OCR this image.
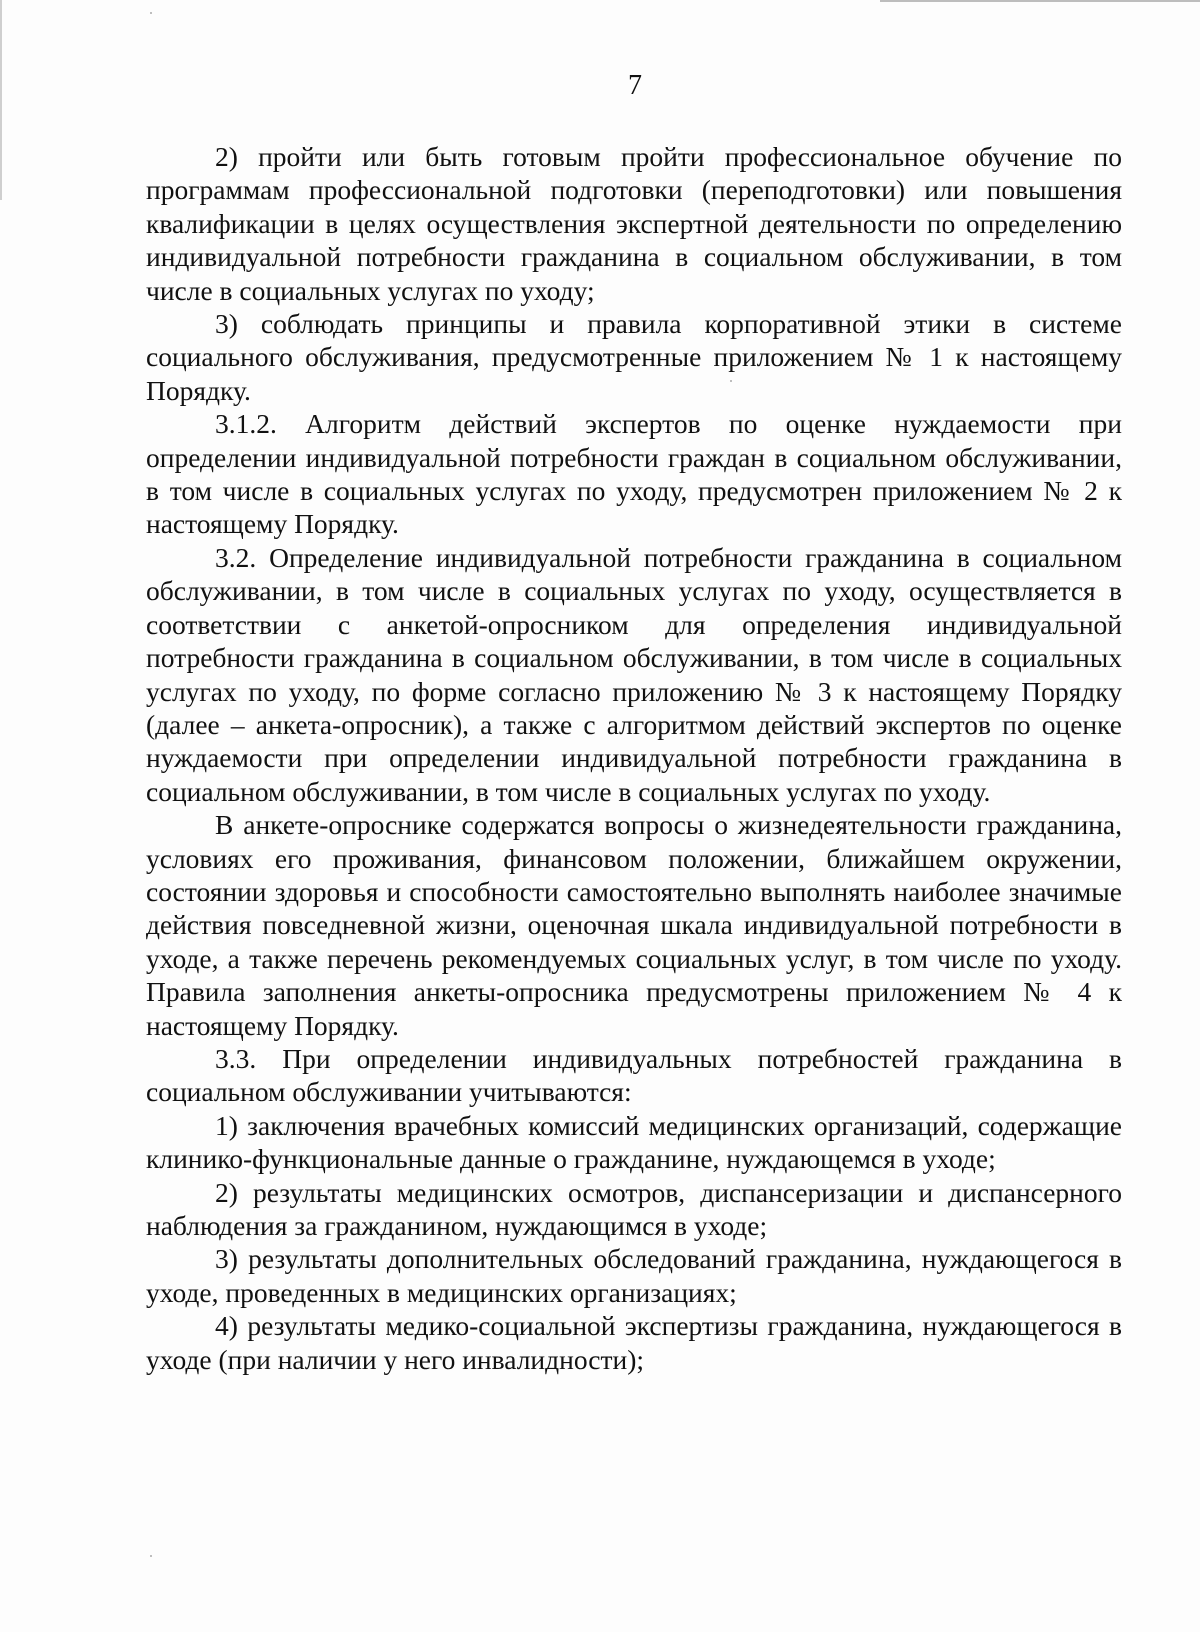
7

2) пройти или быть готовым пройти профессиональное обучение по программам профессиональной подготовки (переподготовки) или повышения квалификации в целях осуществления экспертной деятельности по определению индивидуальной потребности гражданина в социальном обслуживании, в том числе в социальных услугах по уходу;

3) соблюдать принципы и правила корпоративной этики в системе социального обслуживания, предусмотренные приложением № 1 к настоящему Порядку.

3.1.2. Алгоритм действий экспертов по оценке нуждаемости при определении индивидуальной потребности граждан в социальном обслуживании, в том числе в социальных услугах по уходу, предусмотрен приложением № 2 к настоящему Порядку.

3.2. Определение индивидуальной потребности гражданина в социальном обслуживании, в том числе в социальных услугах по уходу, осуществляется в соответствии с анкетой-опросником для определения индивидуальной потребности гражданина в социальном обслуживании, в том числе в социальных услугах по уходу, по форме согласно приложению № 3 к настоящему Порядку (далее – анкета-опросник), а также с алгоритмом действий экспертов по оценке нуждаемости при определении индивидуальной потребности гражданина в социальном обслуживании, в том числе в социальных услугах по уходу.

В анкете-опроснике содержатся вопросы о жизнедеятельности гражданина, условиях его проживания, финансовом положении, ближайшем окружении, состоянии здоровья и способности самостоятельно выполнять наиболее значимые действия повседневной жизни, оценочная шкала индивидуальной потребности в уходе, а также перечень рекомендуемых социальных услуг, в том числе по уходу. Правила заполнения анкеты-опросника предусмотрены приложением № 4 к настоящему Порядку.

3.3. При определении индивидуальных потребностей гражданина в социальном обслуживании учитываются:

1) заключения врачебных комиссий медицинских организаций, содержащие клинико-функциональные данные о гражданине, нуждающемся в уходе;

2) результаты медицинских осмотров, диспансеризации и диспансерного наблюдения за гражданином, нуждающимся в уходе;

3) результаты дополнительных обследований гражданина, нуждающегося в уходе, проведенных в медицинских организациях;

4) результаты медико-социальной экспертизы гражданина, нуждающегося в уходе (при наличии у него инвалидности);
